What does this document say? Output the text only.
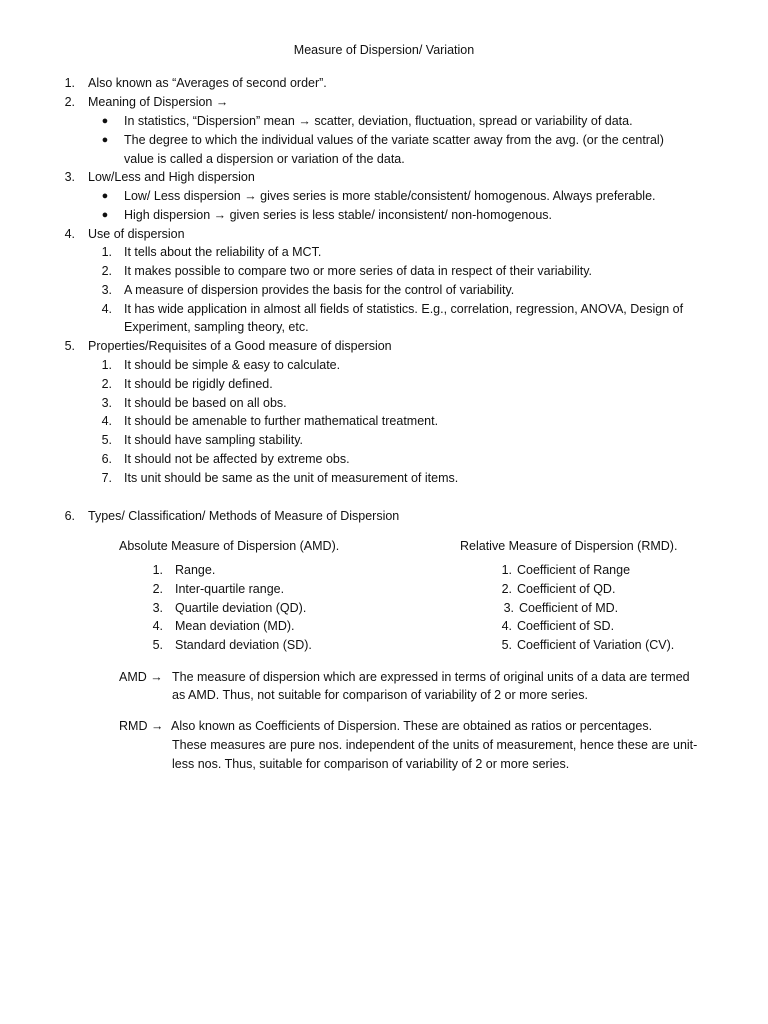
Measure of Dispersion/ Variation
1. Also known as “Averages of second order”.
2. Meaning of Dispersion →
● In statistics, “Dispersion” mean → scatter, deviation, fluctuation, spread or variability of data.
● The degree to which the individual values of the variate scatter away from the avg. (or the central)
value is called a dispersion or variation of the data.
3. Low/Less and High dispersion
● Low/ Less dispersion → gives series is more stable/consistent/ homogenous. Always preferable.
● High dispersion → given series is less stable/ inconsistent/ non-homogenous.
4. Use of dispersion
1. It tells about the reliability of a MCT.
2. It makes possible to compare two or more series of data in respect of their variability.
3. A measure of dispersion provides the basis for the control of variability.
4. It has wide application in almost all fields of statistics. E.g., correlation, regression, ANOVA, Design of
Experiment, sampling theory, etc.
5. Properties/Requisites of a Good measure of dispersion
1. It should be simple & easy to calculate.
2. It should be rigidly defined.
3. It should be based on all obs.
4. It should be amenable to further mathematical treatment.
5. It should have sampling stability.
6. It should not be affected by extreme obs.
7. Its unit should be same as the unit of measurement of items.
6. Types/ Classification/ Methods of Measure of Dispersion
Absolute Measure of Dispersion (AMD).	Relative Measure of Dispersion (RMD).
1. Range.
2. Inter-quartile range.
3. Quartile deviation (QD).
4. Mean deviation (MD).
5. Standard deviation (SD).
1. Coefficient of Range
2. Coefficient of QD.
3. Coefficient of MD.
4. Coefficient of SD.
5. Coefficient of Variation (CV).
AMD → The measure of dispersion which are expressed in terms of original units of a data are termed
as AMD. Thus, not suitable for comparison of variability of 2 or more series.
RMD → Also known as Coefficients of Dispersion. These are obtained as ratios or percentages.
These measures are pure nos. independent of the units of measurement, hence these are unit-
less nos. Thus, suitable for comparison of variability of 2 or more series.
